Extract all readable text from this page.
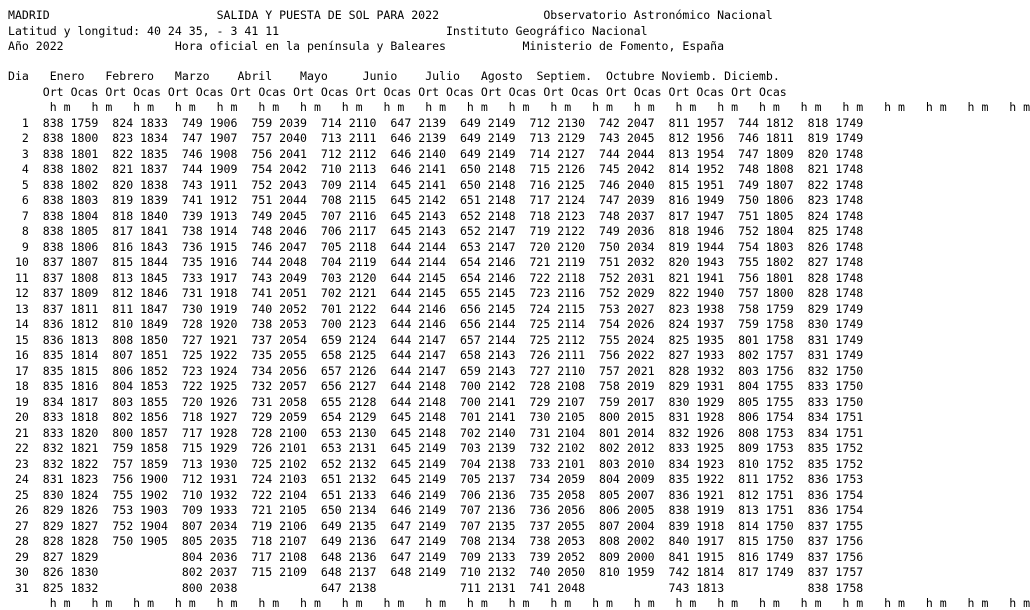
MADRID	SALIDA Y PUESTA DE SOL PARA 2022	Observatorio Astronómico Nacional
Latitud y longitud: 40 24 35, - 3 41 11	Instituto Geográfico Nacional
Año 2022	Hora oficial en la península y Baleares	Ministerio de Fomento, España
Dia Enero Febrero Marzo Abril Mayo	Junio Julio Agosto Septiem. Octubre Noviemb. Diciemb.
Ort Ocas Ort Ocas Ort Ocas Ort Ocas Ort Ocas Ort Ocas Ort Ocas Ort Ocas Ort Ocas Ort Ocas Ort Ocas Ort Ocas
h m h m h m h m h m h m h m h m h m h m h m h m h m h m h m h m h m h m h m h m h m h m h m h m
1  838 1759  824 1833  749 1906  759 2039  714 2110  647 2139  649 2149  712 2130  742 2047  811 1957  744 1812  818 1749
2  838 1800  823 1834  747 1907  757 2040  713 2111  646 2139  649 2149  713 2129  743 2045  812 1956  746 1811  819 1749
3  838 1801  822 1835  746 1908  756 2041  712 2112  646 2140  649 2149  714 2127  744 2044  813 1954  747 1809  820 1748
4  838 1802  821 1837  744 1909  754 2042  710 2113  646 2141  650 2148  715 2126  745 2042  814 1952  748 1808  821 1748
5  838 1802  820 1838  743 1911  752 2043  709 2114  645 2141  650 2148  716 2125  746 2040  815 1951  749 1807  822 1748
6  838 1803  819 1839  741 1912  751 2044  708 2115  645 2142  651 2148  717 2124  747 2039  816 1949  750 1806  823 1748
7  838 1804  818 1840  739 1913  749 2045  707 2116  645 2143  652 2148  718 2123  748 2037  817 1947  751 1805  824 1748
8  838 1805  817 1841  738 1914  748 2046  706 2117  645 2143  652 2147  719 2122  749 2036  818 1946  752 1804  825 1748
9  838 1806  816 1843  736 1915  746 2047  705 2118  644 2144  653 2147  720 2120  750 2034  819 1944  754 1803  826 1748
10  837 1807  815 1844  735 1916  744 2048  704 2119  644 2144  654 2146  721 2119  751 2032  820 1943  755 1802  827 1748
11  837 1808  813 1845  733 1917  743 2049  703 2120  644 2145  654 2146  722 2118  752 2031  821 1941  756 1801  828 1748
12  837 1809  812 1846  731 1918  741 2051  702 2121  644 2145  655 2145  723 2116  752 2029  822 1940  757 1800  828 1748
13  837 1811  811 1847  730 1919  740 2052  701 2122  644 2146  656 2145  724 2115  753 2027  823 1938  758 1759  829 1749
14  836 1812  810 1849  728 1920  738 2053  700 2123  644 2146  656 2144  725 2114  754 2026  824 1937  759 1758  830 1749
15  836 1813  808 1850  727 1921  737 2054  659 2124  644 2147  657 2144  725 2112  755 2024  825 1935  801 1758  831 1749
16  835 1814  807 1851  725 1922  735 2055  658 2125  644 2147  658 2143  726 2111  756 2022  827 1933  802 1757  831 1749
17  835 1815  806 1852  723 1924  734 2056  657 2126  644 2147  659 2143  727 2110  757 2021  828 1932  803 1756  832 1750
18  835 1816  804 1853  722 1925  732 2057  656 2127  644 2148  700 2142  728 2108  758 2019  829 1931  804 1755  833 1750
19  834 1817  803 1855  720 1926  731 2058  655 2128  644 2148  700 2141  729 2107  759 2017  830 1929  805 1755  833 1750
20  833 1818  802 1856  718 1927  729 2059  654 2129  645 2148  701 2141  730 2105  800 2015  831 1928  806 1754  834 1751
21  833 1820  800 1857  717 1928  728 2100  653 2130  645 2148  702 2140  731 2104  801 2014  832 1926  808 1753  834 1751
22  832 1821  759 1858  715 1929  726 2101  653 2131  645 2149  703 2139  732 2102  802 2012  833 1925  809 1753  835 1752
23  832 1822  757 1859  713 1930  725 2102  652 2132  645 2149  704 2138  733 2101  803 2010  834 1923  810 1752  835 1752
24  831 1823  756 1900  712 1931  724 2103  651 2132  645 2149  705 2137  734 2059  804 2009  835 1922  811 1752  836 1753
25  830 1824  755 1902  710 1932  722 2104  651 2133  646 2149  706 2136  735 2058  805 2007  836 1921  812 1751  836 1754
26  829 1826  753 1903  709 1933  721 2105  650 2134  646 2149  707 2136  736 2056  806 2005  838 1919  813 1751  836 1754
27  829 1827  752 1904  807 2034  719 2106  649 2135  647 2149  707 2135  737 2055  807 2004  839 1918  814 1750  837 1755
28  828 1828  750 1905  805 2035  718 2107  649 2136  647 2149  708 2134  738 2053  808 2002  840 1917  815 1750  837 1756
29  827 1829	804 2036  717 2108  648 2136  647 2149  709 2133  739 2052  809 2000  841 1915  816 1749  837 1756
30  826 1830	802 2037  715 2109  648 2137  648 2149  710 2132  740 2050  810 1959  742 1814  817 1749  837 1757
31  825 1832	800 2038	647 2138	711 2131  741 2048	743 1813	838 1758
h m h m h m h m h m h m h m h m h m h m h m h m h m h m h m h m h m h m h m h m h m h m h m h m
